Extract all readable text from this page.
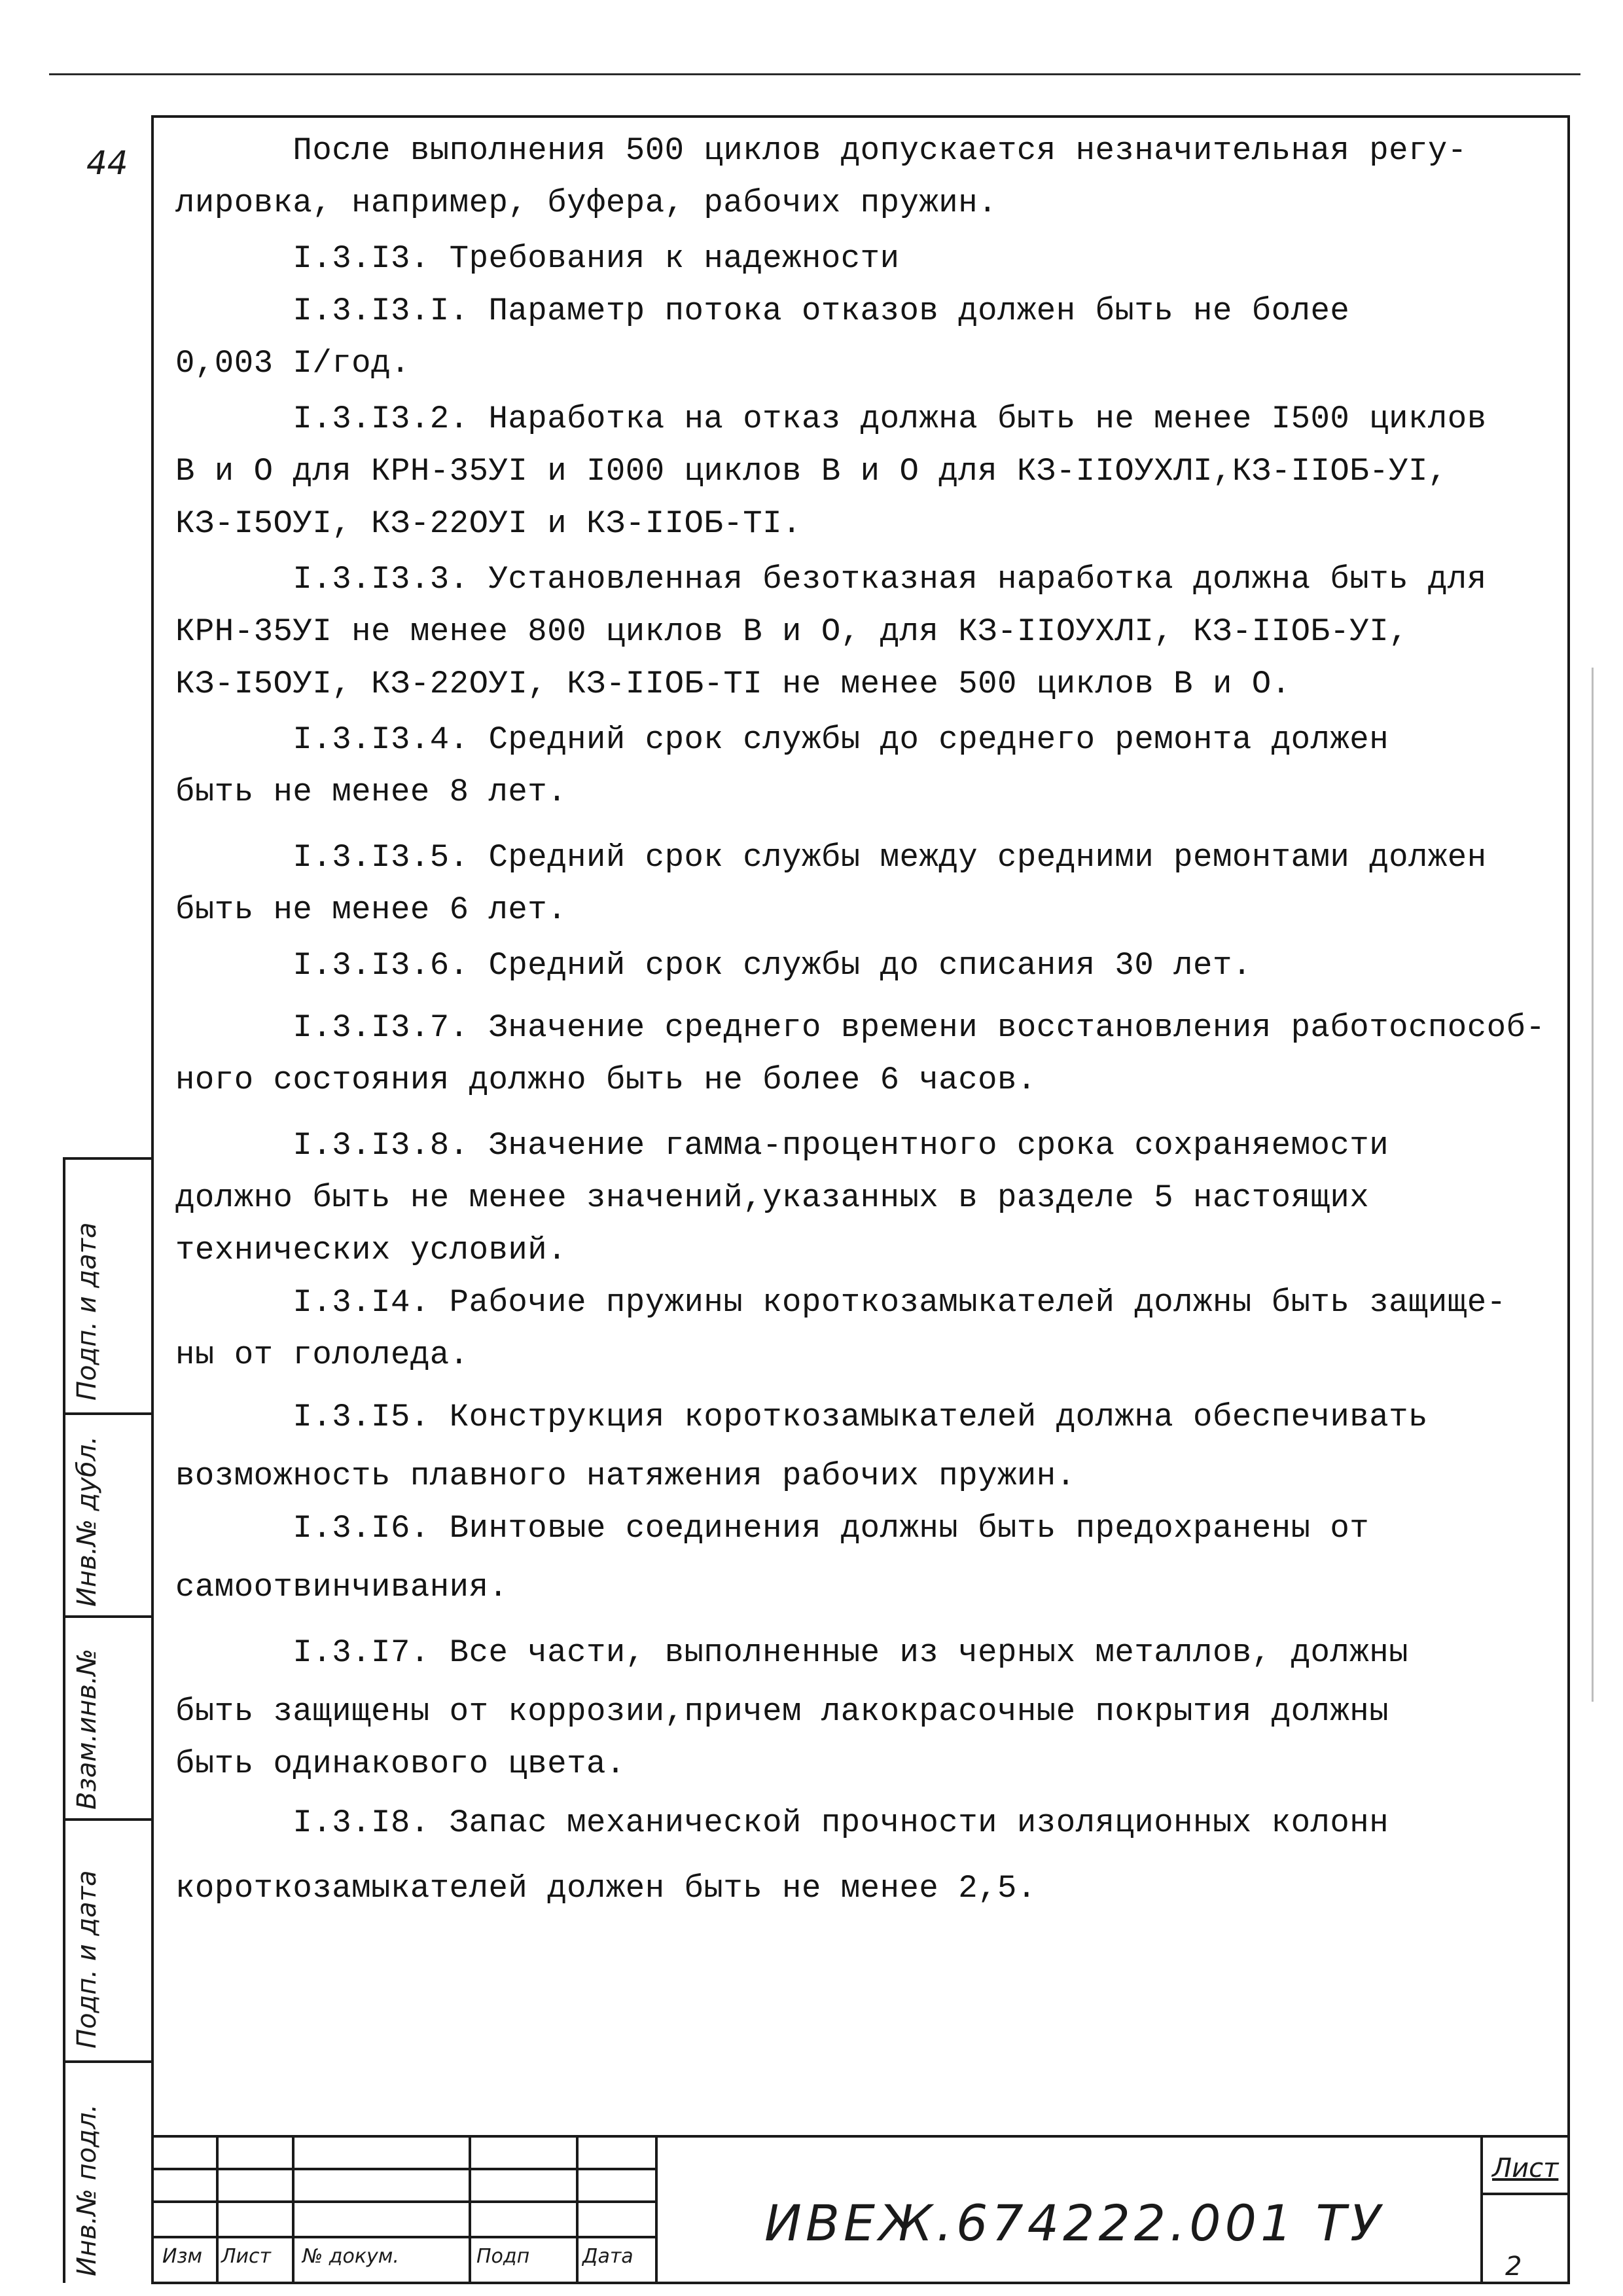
44 После выполнения 500 циклов допускается незначительная регу-
лировка, например, буфера, рабочих пружин.
I.3.I3. Требования к надежности
I.3.I3.I. Параметр потока отказов должен быть не более
0,003 I/год.
I.3.I3.2. Наработка на отказ должна быть не менее I500 циклов
В и О для КРН-35УI и I000 циклов В и О для КЗ-IIОУХЛI,КЗ-IIОБ-УI,
КЗ-I5ОУI, КЗ-22ОУI и КЗ-IIОБ-ТI.
I.3.I3.3. Установленная безотказная наработка должна быть для
КРН-35УI не менее 800 циклов В и О, для КЗ-IIОУХЛI, КЗ-IIОБ-УI,
КЗ-I5ОУI, КЗ-22ОУI, КЗ-IIОБ-ТI не менее 500 циклов В и О.
I.3.I3.4. Средний срок службы до среднего ремонта должен
быть не менее 8 лет.
I.3.I3.5. Средний срок службы между средними ремонтами должен
быть не менее 6 лет.
I.3.I3.6. Средний срок службы до списания 30 лет.
I.3.I3.7. Значение среднего времени восстановления работоспособ-
ного состояния должно быть не более 6 часов.
I.3.I3.8. Значение гамма-процентного срока сохраняемости
должно быть не менее значений,указанных в разделе 5 настоящих
технических условий.
I.3.I4. Рабочие пружины короткозамыкателей должны быть защище-
ны от гололеда.
I.3.I5. Конструкция короткозамыкателей должна обеспечивать
возможность плавного натяжения рабочих пружин.
I.3.I6. Винтовые соединения должны быть предохранены от
самоотвинчивания.
I.3.I7. Все части, выполненные из черных металлов, должны
быть защищены от коррозии,причем лакокрасочные покрытия должны
быть одинакового цвета.
I.3.I8. Запас механической прочности изоляционных колонн
короткозамыкателей должен быть не менее 2,5.
Подп. и дата
Инв.№ дубл.
Взам.инв.№
Подп. и дата
Инв.№ подл.	Изм Лист № докум.	Подп	Дата
ИВЕЖ.674222.001 ТУ
Лист
2
